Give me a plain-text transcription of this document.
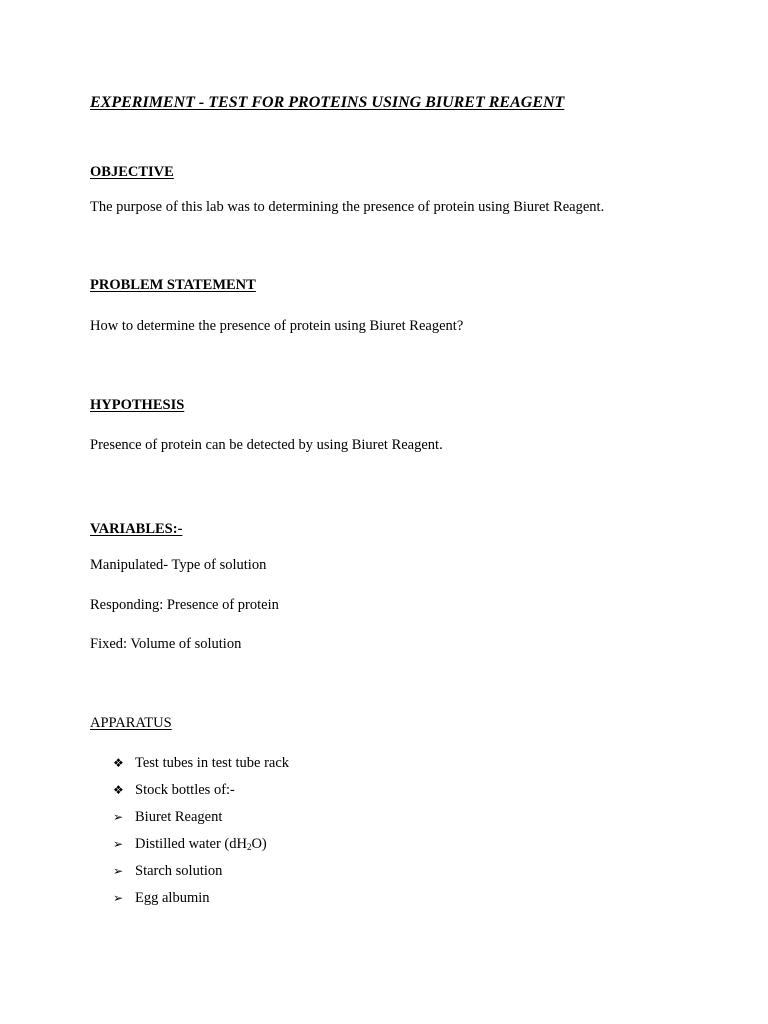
EXPERIMENT - TEST FOR PROTEINS USING BIURET REAGENT
OBJECTIVE
The purpose of this lab was to determining the presence of protein using Biuret Reagent.
PROBLEM STATEMENT
How to determine the presence of protein using Biuret Reagent?
HYPOTHESIS
Presence of protein can be detected by using Biuret Reagent.
VARIABLES:-
Manipulated- Type of solution
Responding: Presence of protein
Fixed: Volume of solution
APPARATUS
❖ Test tubes in test tube rack
❖ Stock bottles of:-
➢ Biuret Reagent
➢ Distilled water $(dH_2O)$
➢ Starch solution
➢ Egg albumin
